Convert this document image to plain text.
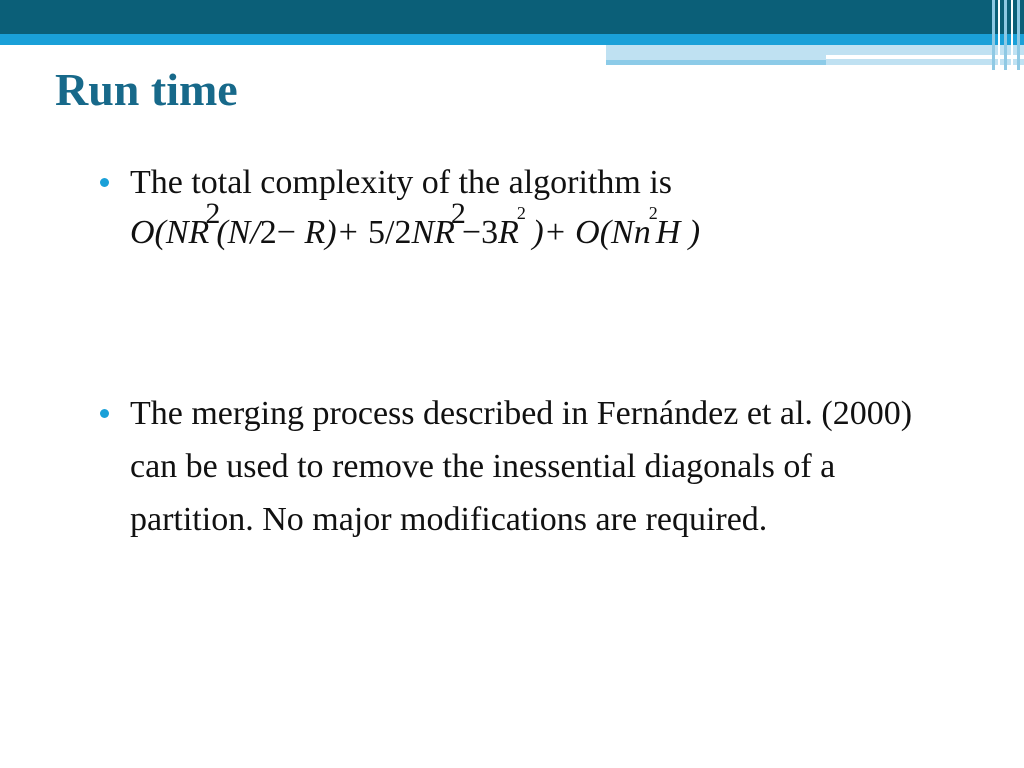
Run time
The total complexity of the algorithm is
$O(NR2(N/2- R)+ 5/2NR2-3R^2$ )+ $O(Nn^2H$ )
The merging process described in Fernández et al. (2000) can be used to remove the inessential diagonals of a partition. No major modifications are required.
